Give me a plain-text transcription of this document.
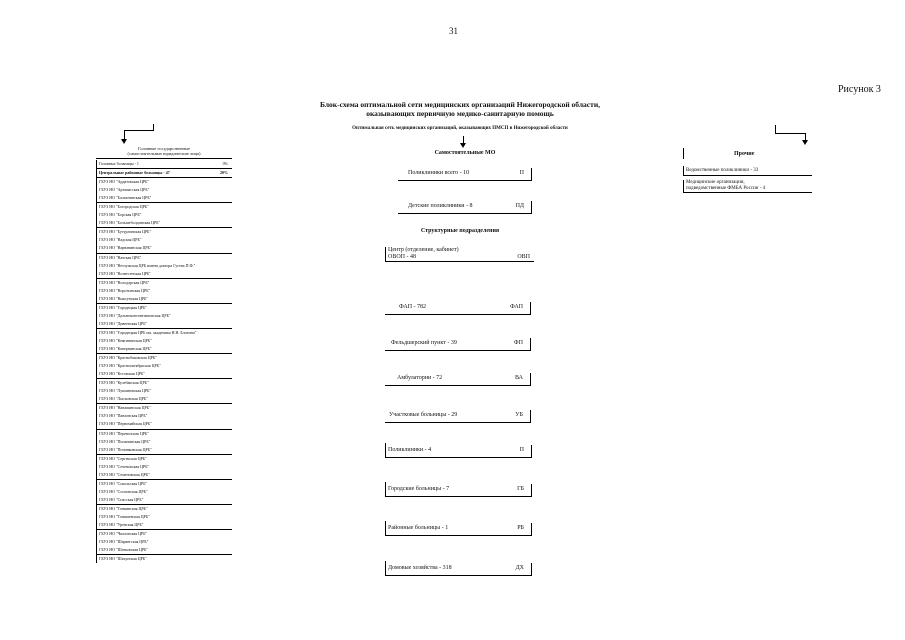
31
Рисунок 3
Блок-схема оптимальной сети медицинских организаций Нижегородской области,
оказывающих первичную медико-санитарную помощь
Оптимальная сеть медицинских организаций, оказывающих ПМСП в Нижегородской области
Головные государственные
(самостоятельные юридические лица)
Головных больницы - 1	0%
Центральные районные больницы - 47	20%
ГБУЗ НО "Ардатовская ЦРБ"
ГБУЗ НО "Арзамасская ЦРБ"
ГБУЗ НО "Балахнинская ЦРБ"
ГБУЗ НО "Богородская ЦРБ"
ГБУЗ НО "Борская ЦРБ"
ГБУЗ НО "Большеболдинская ЦРБ"
ГБУЗ НО "Бутурлинская ЦРБ"
ГБУЗ НО "Вадская ЦРБ"
ГБУЗ НО "Варнавинская ЦРБ"
ГБУЗ НО "Вачская ЦРБ"
ГБУЗ НО "Ветлужская ЦРБ имени доктора Гусева П.Ф."
ГБУЗ НО "Вознесенская ЦРБ"
ГБУЗ НО "Володарская ЦРБ"
ГБУЗ НО "Воротынская ЦРБ"
ГБУЗ НО "Выксунская ЦРБ"
ГБУЗ НО "Городецкая ЦРБ"
ГБУЗ НО "Дальнеконстантиновская ЦРБ"
ГБУЗ НО "Дивеевская ЦРБ"
ГБУЗ НО "Городецкая ЦРБ им. академика Н.Н. Блохина"
ГБУЗ НО "Княгининская ЦРБ"
ГБУЗ НО "Ковернинская ЦРБ"
ГБУЗ НО "Краснобаковская ЦРБ"
ГБУЗ НО "Краснооктябрьская ЦРБ"
ГБУЗ НО "Кстовская ЦРБ"
ГБУЗ НО "Кулебакская ЦРБ"
ГБУЗ НО "Лукояновская ЦРБ"
ГБУЗ НО "Лысковская ЦРБ"
ГБУЗ НО "Навашинская ЦРБ"
ГБУЗ НО "Павловская ЦРБ"
ГБУЗ НО "Первомайская ЦРБ"
ГБУЗ НО "Перевозская ЦРБ"
ГБУЗ НО "Пильнинская ЦРБ"
ГБУЗ НО "Починковская ЦРБ"
ГБУЗ НО "Сергачская ЦРБ"
ГБУЗ НО "Сеченовская ЦРБ"
ГБУЗ НО "Семеновская ЦРБ"
ГБУЗ НО "Сокольская ЦРБ"
ГБУЗ НО "Сосновская ЦРБ"
ГБУЗ НО "Спасская ЦРБ"
ГБУЗ НО "Тонкинская ЦРБ"
ГБУЗ НО "Тоншаевская ЦРБ"
ГБУЗ НО "Уренская ЦРБ"
ГБУЗ НО "Чкаловская ЦРБ"
ГБУЗ НО "Шарангская ЦРБ"
ГБУЗ НО "Шатковская ЦРБ"
ГБУЗ НО "Шахунская ЦРБ"
Самостоятельные МО
Поликлиники всего - 10	П
Детские поликлиники - 8	ПД
Структурные подразделения
Центр (отделение, кабинет)
ОВОП - 48	ОВП
ФАП - 782	ФАП
Фельдшерский пункт - 39	ФП
Амбулатории - 72	ВА
Участковые больницы - 29	УБ
Поликлиники - 4	П
Городские больницы - 7	ГБ
Районные больницы - 1	РБ
Домовые хозяйства - 318	ДХ
Прочие
Ведомственные поликлиники - 33
Медицинские организации,
подведомственные ФМБА России - 4
